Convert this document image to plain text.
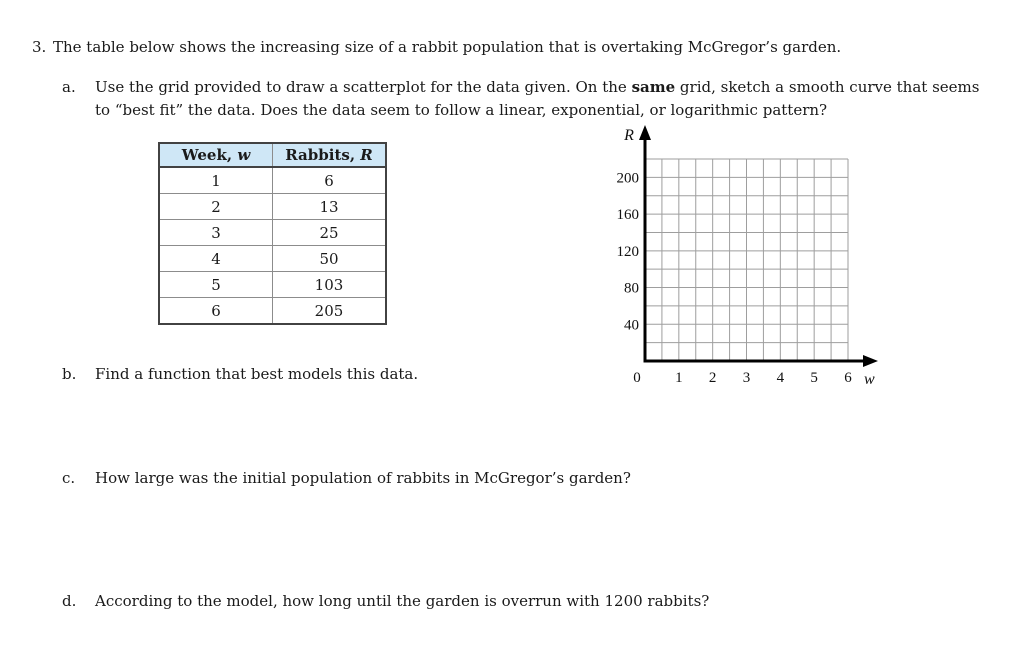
3. The table below shows the increasing size of a rabbit population that is overtaking McGregor’s garden.
a.	Use the grid provided to draw a scatterplot for the data given. On the same grid, sketch a smooth curve that seems to “best fit” the data. Does the data seem to follow a linear, exponential, or logarithmic pattern?
Week, w	Rabbits, R
1	6
2	13
3	25
4	50
5	103
6	205
40
80
120
160
200
0 1 2 3 4 5 6
R
w
b.	Find a function that best models this data.
c.	How large was the initial population of rabbits in McGregor’s garden?
d.	According to the model, how long until the garden is overrun with 1200 rabbits?
